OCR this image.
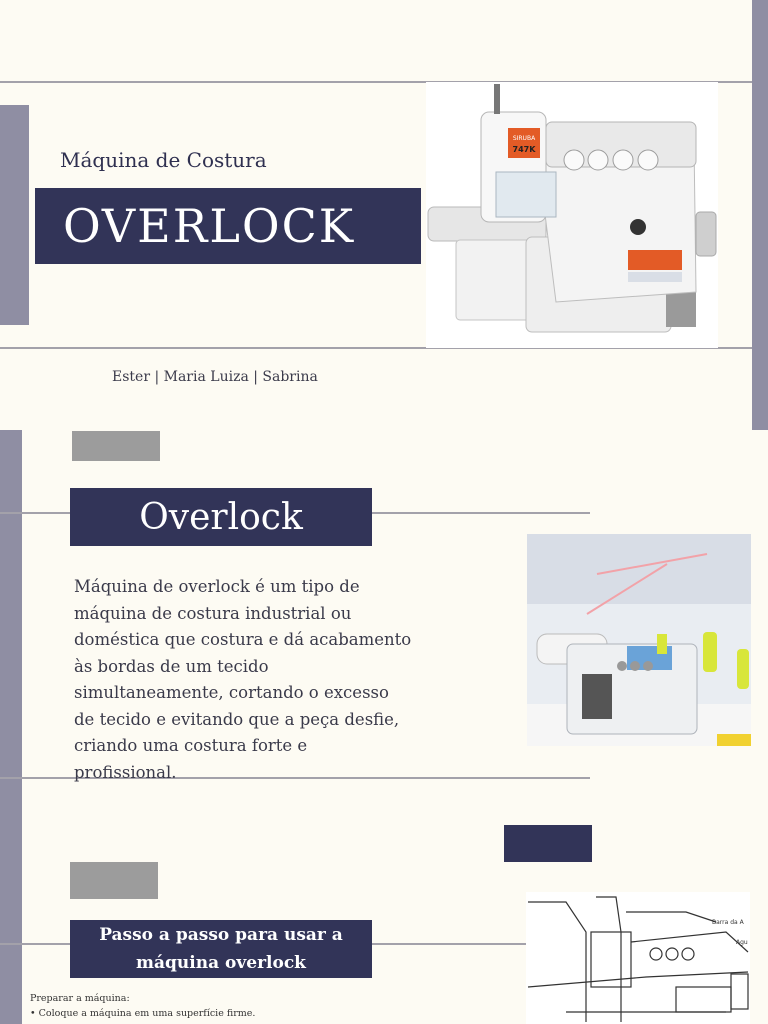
Máquina de Costura
OVERLOCK
Ester | Maria Luiza | Sabrina
SIRUBA
747K
Overlock
Máquina de overlock é um tipo de máquina de costura industrial ou doméstica que costura e dá acabamento às bordas de um tecido simultaneamente, cortando o excesso de tecido e evitando que a peça desfie, criando uma costura forte e profissional.
Passo a passo para usar a
máquina overlock
Preparar a máquina:
• Coloque a máquina em uma superfície firme.
Barra da A
Agu
